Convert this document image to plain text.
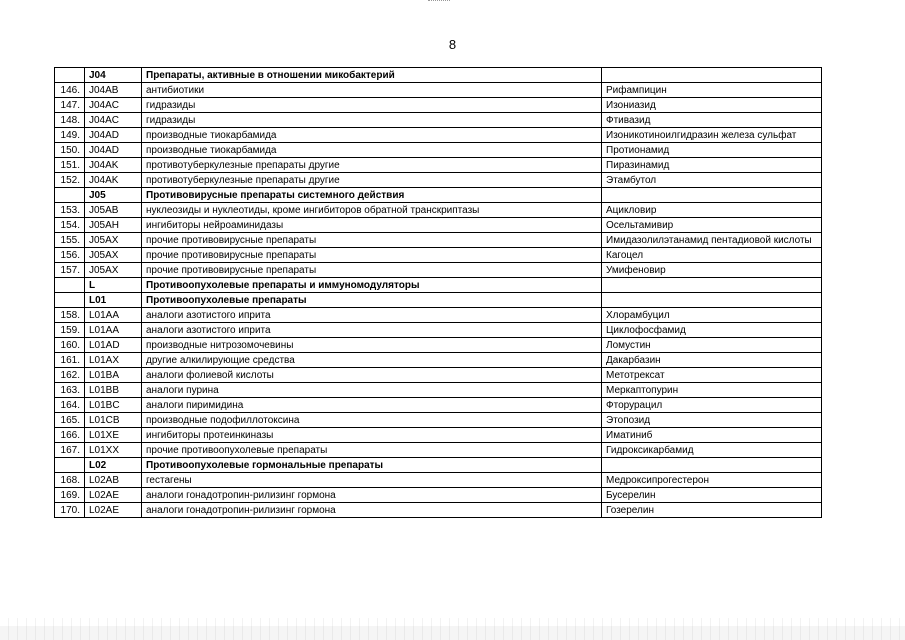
8
	J04	Препараты, активные в отношении микобактерий	
146.	J04AB	антибиотики	Рифампицин
147.	J04AC	гидразиды	Изониазид
148.	J04AC	гидразиды	Фтивазид
149.	J04AD	производные тиокарбамида	Изоникотиноилгидразин железа сульфат
150.	J04AD	производные тиокарбамида	Протионамид
151.	J04AK	противотуберкулезные препараты другие	Пиразинамид
152.	J04AK	противотуберкулезные препараты другие	Этамбутол
	J05	Противовирусные препараты системного действия	
153.	J05AB	нуклеозиды и нуклеотиды, кроме ингибиторов обратной транскриптазы	Ацикловир
154.	J05AH	ингибиторы нейроаминидазы	Осельтамивир
155.	J05AX	прочие противовирусные препараты	Имидазолилэтанамид пентадиовой кислоты
156.	J05AX	прочие противовирусные препараты	Кагоцел
157.	J05AX	прочие противовирусные препараты	Умифеновир
	L	Противоопухолевые препараты и иммуномодуляторы	
	L01	Противоопухолевые препараты	
158.	L01AA	аналоги азотистого иприта	Хлорамбуцил
159.	L01AA	аналоги азотистого иприта	Циклофосфамид
160.	L01AD	производные нитрозомочевины	Ломустин
161.	L01AX	другие алкилирующие средства	Дакарбазин
162.	L01BA	аналоги фолиевой кислоты	Метотрексат
163.	L01BB	аналоги пурина	Меркаптопурин
164.	L01BC	аналоги пиримидина	Фторурацил
165.	L01CB	производные подофиллотоксина	Этопозид
166.	L01XE	ингибиторы протеинкиназы	Иматиниб
167.	L01XX	прочие противоопухолевые препараты	Гидроксикарбамид
	L02	Противоопухолевые гормональные препараты	
168.	L02AB	гестагены	Медроксипрогестерон
169.	L02AE	аналоги гонадотропин-рилизинг гормона	Бусерелин
170.	L02AE	аналоги гонадотропин-рилизинг гормона	Гозерелин
